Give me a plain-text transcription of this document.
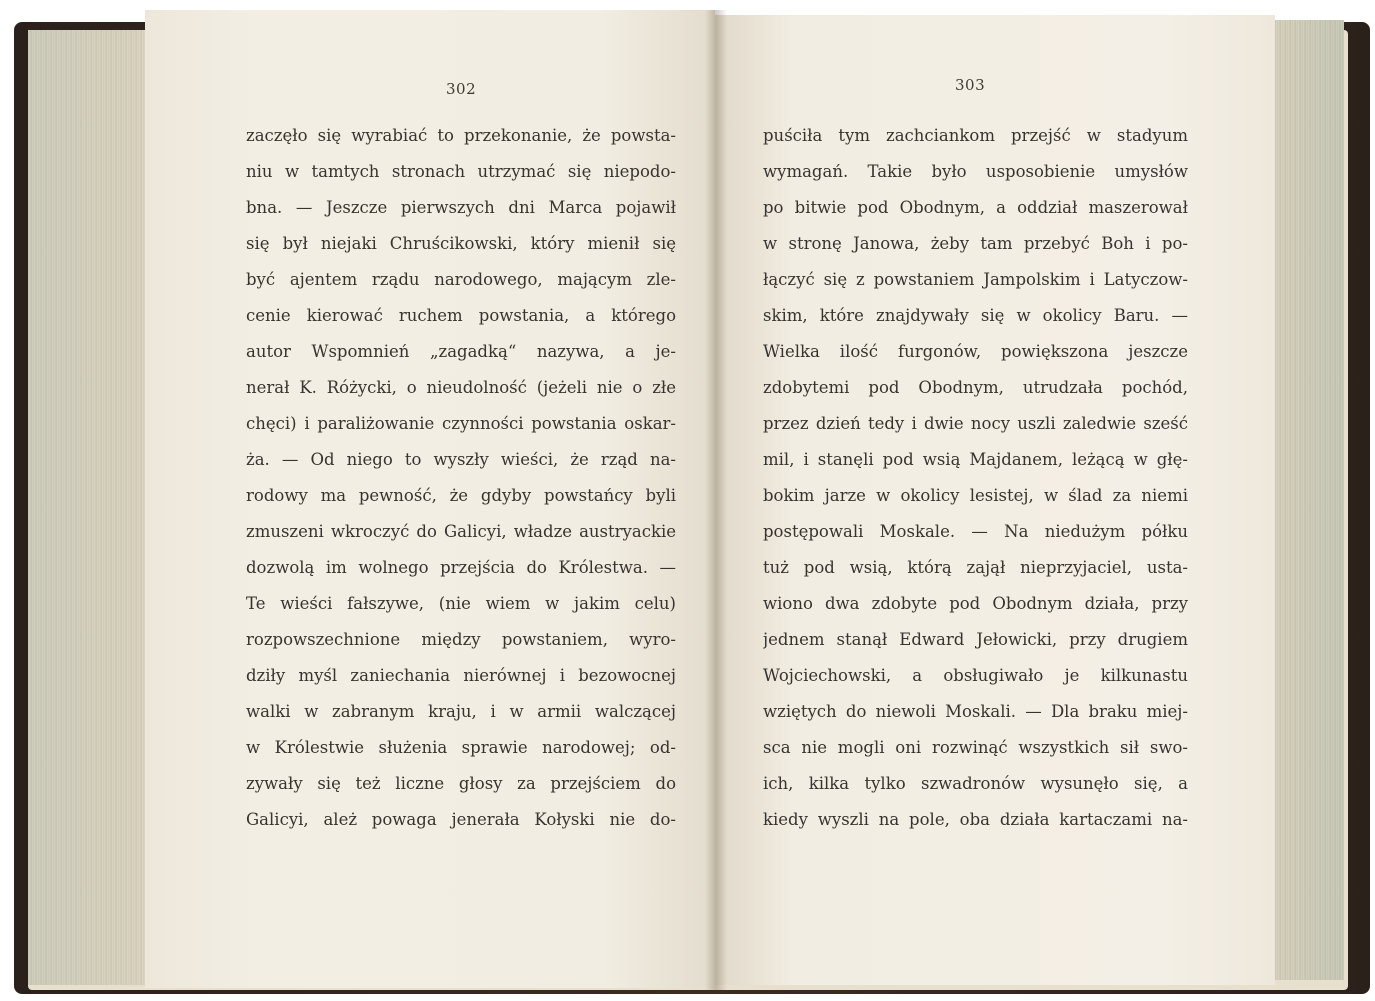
302	303
zaczęło się wyrabiać to przekonanie, że powsta-
niu w tamtych stronach utrzymać się niepodo-
bna. — Jeszcze pierwszych dni Marca pojawił
się był niejaki Chruścikowski, który mienił się
być ajentem rządu narodowego, mającym zle-
cenie kierować ruchem powstania, a którego
autor Wspomnień „zagadką“ nazywa, a je-
nerał K. Różycki, o nieudolność (jeżeli nie o złe
chęci) i paraliżowanie czynności powstania oskar-
ża. — Od niego to wyszły wieści, że rząd na-
rodowy ma pewność, że gdyby powstańcy byli
zmuszeni wkroczyć do Galicyi, władze austryackie
dozwolą im wolnego przejścia do Królestwa. —
Te wieści fałszywe, (nie wiem w jakim celu)
rozpowszechnione między powstaniem, wyro-
dziły myśl zaniechania nierównej i bezowocnej
walki w zabranym kraju, i w armii walczącej
w Królestwie służenia sprawie narodowej; od-
zywały się też liczne głosy za przejściem do
Galicyi, ależ powaga jenerała Kołyski nie do-
puściła tym zachciankom przejść w stadyum
wymagań. Takie było usposobienie umysłów
po bitwie pod Obodnym, a oddział maszerował
w stronę Janowa, żeby tam przebyć Boh i po-
łączyć się z powstaniem Jampolskim i Latyczow-
skim, które znajdywały się w okolicy Baru. —
Wielka ilość furgonów, powiększona jeszcze
zdobytemi pod Obodnym, utrudzała pochód,
przez dzień tedy i dwie nocy uszli zaledwie sześć
mil, i stanęli pod wsią Majdanem, leżącą w głę-
bokim jarze w okolicy lesistej, w ślad za niemi
postępowali Moskale. — Na niedużym półku
tuż pod wsią, którą zajął nieprzyjaciel, usta-
wiono dwa zdobyte pod Obodnym działa, przy
jednem stanął Edward Jełowicki, przy drugiem
Wojciechowski, a obsługiwało je kilkunastu
wziętych do niewoli Moskali. — Dla braku miej-
sca nie mogli oni rozwinąć wszystkich sił swo-
ich, kilka tylko szwadronów wysunęło się, a
kiedy wyszli na pole, oba działa kartaczami na-
